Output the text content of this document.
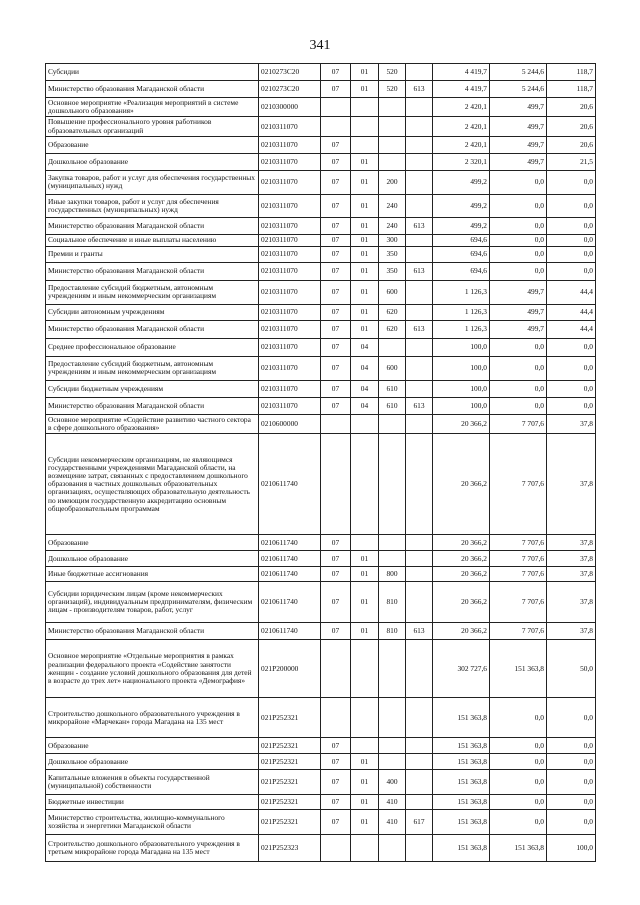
341
Субсидии	0210273С20	07	01	520		4 419,7	5 244,6	118,7
Министерство образования Магаданской области	0210273С20	07	01	520	613	4 419,7	5 244,6	118,7
Основное мероприятие «Реализация мероприятий в системе дошкольного образования»	0210300000					2 420,1	499,7	20,6
Повышение профессионального уровня работников образовательных организаций	0210311070					2 420,1	499,7	20,6
Образование	0210311070	07				2 420,1	499,7	20,6
Дошкольное образование	0210311070	07	01			2 320,1	499,7	21,5
Закупка товаров, работ и услуг для обеспечения государственных (муниципальных) нужд	0210311070	07	01	200		499,2	0,0	0,0
Иные закупки товаров, работ и услуг для обеспечения государственных (муниципальных) нужд	0210311070	07	01	240		499,2	0,0	0,0
Министерство образования Магаданской области	0210311070	07	01	240	613	499,2	0,0	0,0
Социальное обеспечение и иные выплаты населению	0210311070	07	01	300		694,6	0,0	0,0
Премии и гранты	0210311070	07	01	350		694,6	0,0	0,0
Министерство образования Магаданской области	0210311070	07	01	350	613	694,6	0,0	0,0
Предоставление субсидий бюджетным, автономным учреждениям и иным некоммерческим организациям	0210311070	07	01	600		1 126,3	499,7	44,4
Субсидии автономным учреждениям	0210311070	07	01	620		1 126,3	499,7	44,4
Министерство образования Магаданской области	0210311070	07	01	620	613	1 126,3	499,7	44,4
Среднее профессиональное образование	0210311070	07	04			100,0	0,0	0,0
Предоставление субсидий бюджетным, автономным учреждениям и иным некоммерческим организациям	0210311070	07	04	600		100,0	0,0	0,0
Субсидии бюджетным учреждениям	0210311070	07	04	610		100,0	0,0	0,0
Министерство образования Магаданской области	0210311070	07	04	610	613	100,0	0,0	0,0
Основное мероприятие «Содействие развитию частного сектора в сфере дошкольного образования»	0210600000					20 366,2	7 707,6	37,8
Субсидии некоммерческим организациям, не являющимся государственными учреждениями Магаданской области, на возмещение затрат, связанных с предоставлением дошкольного образования в частных дошкольных образовательных организациях, осуществляющих образовательную деятельность по имеющим государственную аккредитацию основным общеобразовательным программам	0210611740					20 366,2	7 707,6	37,8
Образование	0210611740	07				20 366,2	7 707,6	37,8
Дошкольное образование	0210611740	07	01			20 366,2	7 707,6	37,8
Иные бюджетные ассигнования	0210611740	07	01	800		20 366,2	7 707,6	37,8
Субсидии юридическим лицам (кроме некоммерческих организаций), индивидуальным предпринимателям, физическим лицам - производителям товаров, работ, услуг	0210611740	07	01	810		20 366,2	7 707,6	37,8
Министерство образования Магаданской области	0210611740	07	01	810	613	20 366,2	7 707,6	37,8
Основное мероприятие «Отдельные мероприятия в рамках реализации федерального проекта «Содействие занятости женщин - создание условий дошкольного образования для детей в возрасте до трех лет» национального проекта «Демография»	021P200000					302 727,6	151 363,8	50,0
Строительство дошкольного образовательного учреждения в микрорайоне «Марчекан» города Магадана на 135 мест	021P252321					151 363,8	0,0	0,0
Образование	021P252321	07				151 363,8	0,0	0,0
Дошкольное образование	021P252321	07	01			151 363,8	0,0	0,0
Капитальные вложения в объекты государственной (муниципальной) собственности	021P252321	07	01	400		151 363,8	0,0	0,0
Бюджетные инвестиции	021P252321	07	01	410		151 363,8	0,0	0,0
Министерство строительства, жилищно-коммунального хозяйства и энергетики Магаданской области	021P252321	07	01	410	617	151 363,8	0,0	0,0
Строительство дошкольного образовательного учреждения в третьем микрорайоне города Магадана на 135 мест	021P252323					151 363,8	151 363,8	100,0
